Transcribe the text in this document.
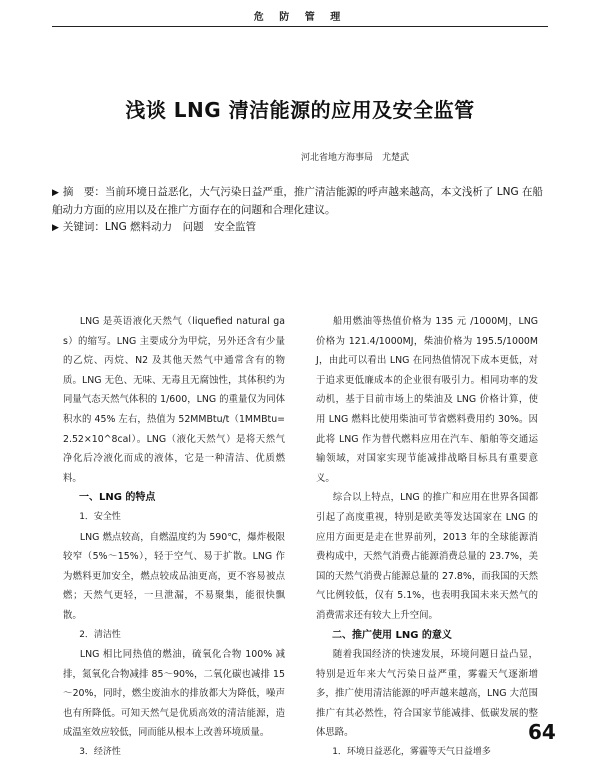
危 防 管 理
浅谈 LNG 清洁能源的应用及安全监管
河北省地方海事局　尤楚武

▶ 摘　要：当前环境日益恶化，大气污染日益严重，推广清洁能源的呼声越来越高，本文浅析了 LNG 在船舶动力方面的应用以及在推广方面存在的问题和合理化建议。

▶ 关键词：LNG 燃料动力　问题　安全监管

LNG 是英语液化天然气（liquefied natural gas）的缩写。LNG 主要成分为甲烷，另外还含有少量的乙烷、丙烷、N2 及其他天然气中通常含有的物质。LNG 无色、无味、无毒且无腐蚀性，其体积约为同量气态天然气体积的 1/600，LNG 的重量仅为同体积水的 45% 左右，热值为 52MMBtu/t（1MMBtu=2.52×10^8cal）。LNG（液化天然气）是将天然气净化后冷液化而成的液体，它是一种清洁、优质燃料。

一、LNG 的特点
1．安全性

LNG 燃点较高，自燃温度约为 590℃，爆炸极限较窄（5%～15%），轻于空气、易于扩散。LNG 作为燃料更加安全，燃点较成品油更高，更不容易被点燃；天然气更轻，一旦泄漏，不易聚集，能很快飘散。

2．清洁性

LNG 相比同热值的燃油，硫氧化合物 100% 减排，氮氧化合物减排 85～90%，二氧化碳也减排 15～20%，同时，燃尘废油水的排放都大为降低，噪声也有所降低。可知天然气是优质高效的清洁能源，造成温室效应较低，同而能从根本上改善环境质量。

3．经济性

船用燃油等热值价格为 135 元 /1000MJ，LNG 价格为 121.4/1000MJ，柴油价格为 195.5/1000MJ，由此可以看出 LNG 在同热值情况下成本更低，对于追求更低廉成本的企业很有吸引力。相同功率的发动机，基于目前市场上的柴油及 LNG 价格计算，使用 LNG 燃料比使用柴油可节省燃料费用约 30%。因此将 LNG 作为替代燃料应用在汽车、船舶等交通运输领域，对国家实现节能减排战略目标具有重要意义。

综合以上特点，LNG 的推广和应用在世界各国都引起了高度重视，特别是欧美等发达国家在 LNG 的应用方面更是走在世界前列，2013 年的全球能源消费构成中，天然气消费占能源消费总量的 23.7%，美国的天然气消费占能源总量的 27.8%，而我国的天然气比例较低，仅有 5.1%，也表明我国未来天然气的消费需求还有较大上升空间。

二、推广使用 LNG 的意义

随着我国经济的快速发展，环境问题日益凸显，特别是近年来大气污染日益严重，雾霾天气逐渐增多，推广使用清洁能源的呼声越来越高，LNG 大范围推广有其必然性，符合国家节能减排、低碳发展的整体思路。

1．环境日益恶化，雾霾等天气日益增多
64
